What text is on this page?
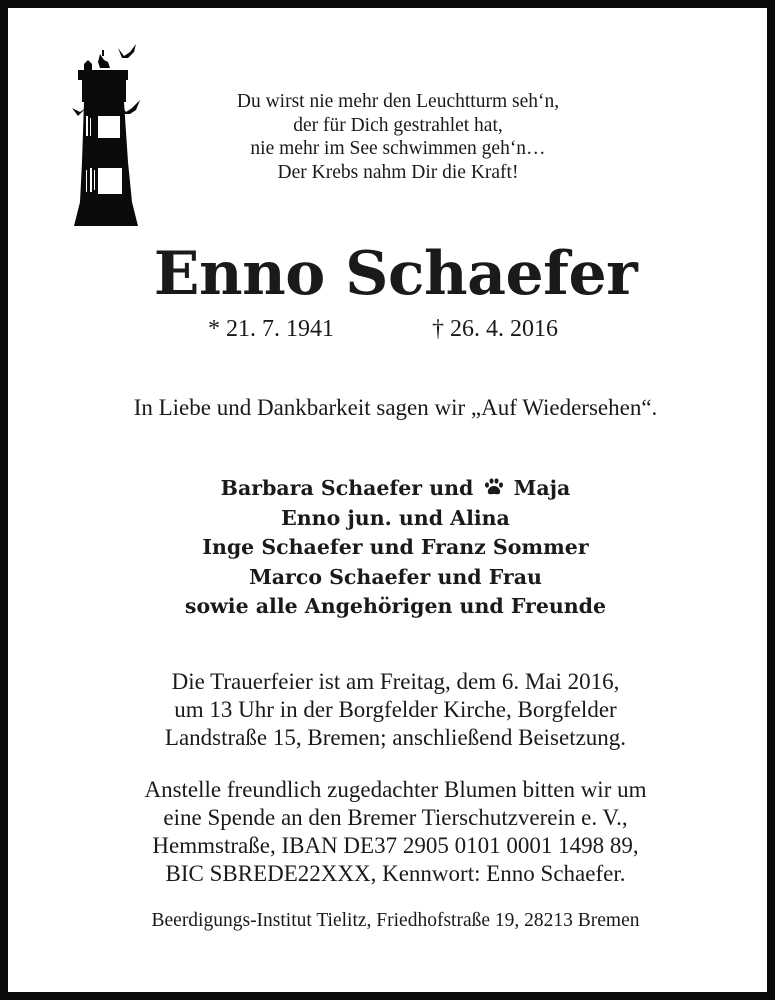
Du wirst nie mehr den Leuchtturm seh‘n,
der für Dich gestrahlet hat,
nie mehr im See schwimmen geh‘n…
Der Krebs nahm Dir die Kraft!
Enno Schaefer
* 21. 7. 1941	† 26. 4. 2016
In Liebe und Dankbarkeit sagen wir „Auf Wiedersehen“.
Barbara Schaefer und Maja
Enno jun. und Alina
Inge Schaefer und Franz Sommer
Marco Schaefer und Frau
sowie alle Angehörigen und Freunde
Die Trauerfeier ist am Freitag, dem 6. Mai 2016,
um 13 Uhr in der Borgfelder Kirche, Borgfelder
Landstraße 15, Bremen; anschließend Beisetzung.
Anstelle freundlich zugedachter Blumen bitten wir um
eine Spende an den Bremer Tierschutzverein e. V.,
Hemmstraße, IBAN DE37 2905 0101 0001 1498 89,
BIC SBREDE22XXX, Kennwort: Enno Schaefer.
Beerdigungs-Institut Tielitz, Friedhofstraße 19, 28213 Bremen
